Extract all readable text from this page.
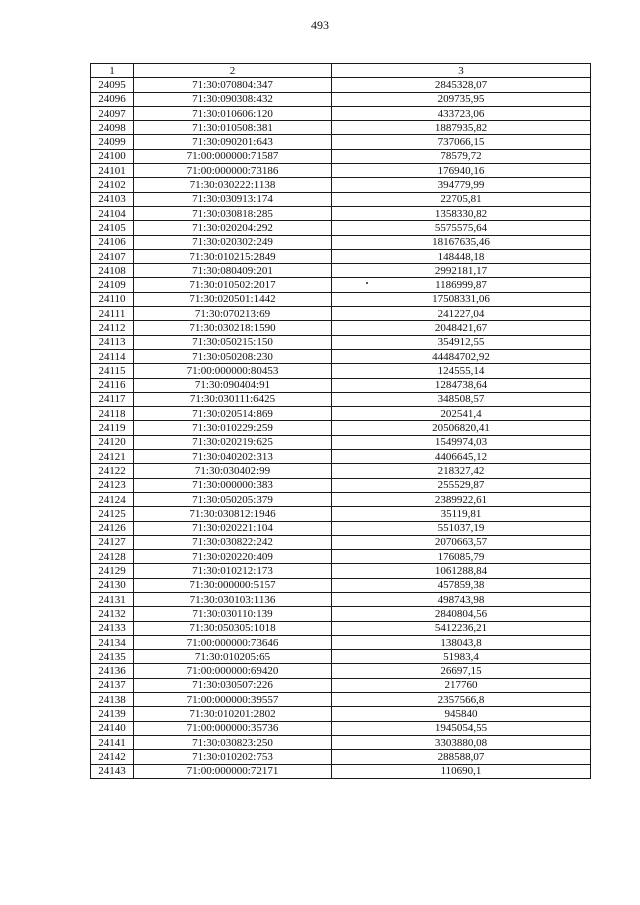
493
1	2	3
24095	71:30:070804:347	2845328,07
24096	71:30:090308:432	209735,95
24097	71:30:010606:120	433723,06
24098	71:30:010508:381	1887935,82
24099	71:30:090201:643	737066,15
24100	71:00:000000:71587	78579,72
24101	71:00:000000:73186	176940,16
24102	71:30:030222:1138	394779,99
24103	71:30:030913:174	22705,81
24104	71:30:030818:285	1358330,82
24105	71:30:020204:292	5575575,64
24106	71:30:020302:249	18167635,46
24107	71:30:010215:2849	148448,18
24108	71:30:080409:201	2992181,17
24109	71:30:010502:2017	1186999,87
24110	71:30:020501:1442	17508331,06
24111	71:30:070213:69	241227,04
24112	71:30:030218:1590	2048421,67
24113	71:30:050215:150	354912,55
24114	71:30:050208:230	44484702,92
24115	71:00:000000:80453	124555,14
24116	71:30:090404:91	1284738,64
24117	71:30:030111:6425	348508,57
24118	71:30:020514:869	202541,4
24119	71:30:010229:259	20506820,41
24120	71:30:020219:625	1549974,03
24121	71:30:040202:313	4406645,12
24122	71:30:030402:99	218327,42
24123	71:30:000000:383	255529,87
24124	71:30:050205:379	2389922,61
24125	71:30:030812:1946	35119,81
24126	71:30:020221:104	551037,19
24127	71:30:030822:242	2070663,57
24128	71:30:020220:409	176085,79
24129	71:30:010212:173	1061288,84
24130	71:30:000000:5157	457859,38
24131	71:30:030103:1136	498743,98
24132	71:30:030110:139	2840804,56
24133	71:30:050305:1018	5412236,21
24134	71:00:000000:73646	138043,8
24135	71:30:010205:65	51983,4
24136	71:00:000000:69420	26697,15
24137	71:30:030507:226	217760
24138	71:00:000000:39557	2357566,8
24139	71:30:010201:2802	945840
24140	71:00:000000:35736	1945054,55
24141	71:30:030823:250	3303880,08
24142	71:30:010202:753	288588,07
24143	71:00:000000:72171	110690,1
